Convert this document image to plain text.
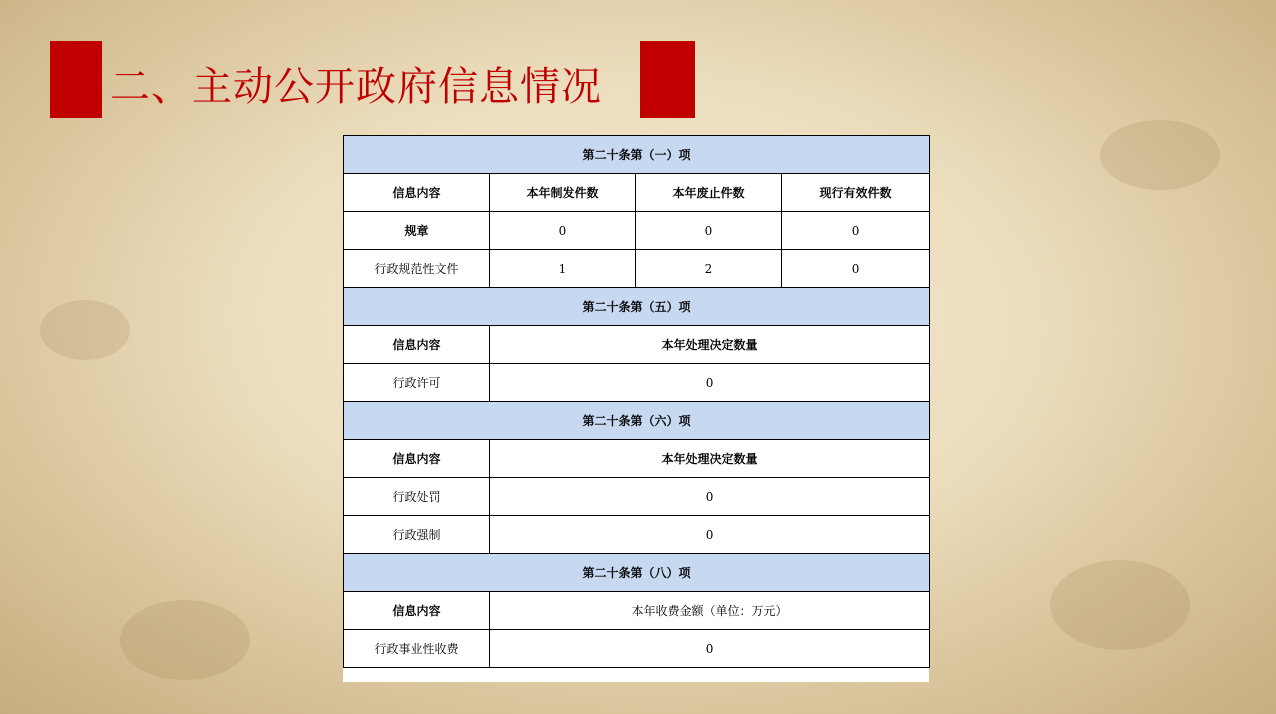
二、主动公开政府信息情况
第二十条第（一）项			
信息内容	本年制发件数	本年废止件数	现行有效件数
规章	0	0	0
行政规范性文件	1	2	0
第二十条第（五）项			
信息内容	本年处理决定数量		
行政许可	0		
第二十条第（六）项			
信息内容	本年处理决定数量		
行政处罚	0		
行政强制	0		
第二十条第（八）项			
信息内容	本年收费金额（单位：万元）		
行政事业性收费	0		
